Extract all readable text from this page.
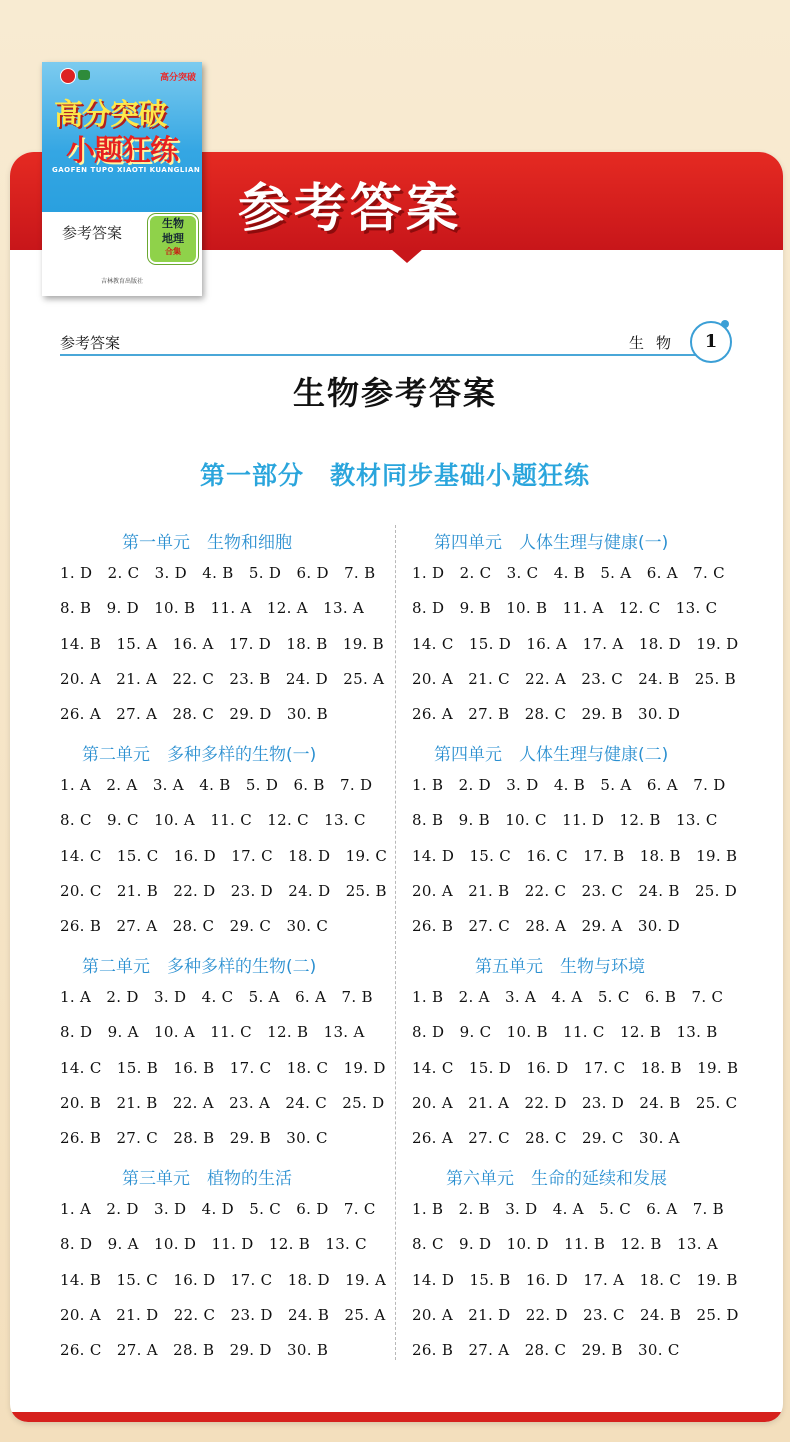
参考答案
高分突破
高分突破
小题狂练
GAOFEN TUPO XIAOTI KUANGLIAN
参考答案
生物
地理
合集
吉林教育出版社
参考答案	生物	1
生物参考答案
第一部分　教材同步基础小题狂练
第一单元　生物和细胞
1. D　2. C　3. D　4. B　5. D　6. D　7. B
8. B　9. D　10. B　11. A　12. A　13. A
14. B　15. A　16. A　17. D　18. B　19. B
20. A　21. A　22. C　23. B　24. D　25. A
26. A　27. A　28. C　29. D　30. B
第二单元　多种多样的生物(一)
1. A　2. A　3. A　4. B　5. D　6. B　7. D
8. C　9. C　10. A　11. C　12. C　13. C
14. C　15. C　16. D　17. C　18. D　19. C
20. C　21. B　22. D　23. D　24. D　25. B
26. B　27. A　28. C　29. C　30. C
第二单元　多种多样的生物(二)
1. A　2. D　3. D　4. C　5. A　6. A　7. B
8. D　9. A　10. A　11. C　12. B　13. A
14. C　15. B　16. B　17. C　18. C　19. D
20. B　21. B　22. A　23. A　24. C　25. D
26. B　27. C　28. B　29. B　30. C
第三单元　植物的生活
1. A　2. D　3. D　4. D　5. C　6. D　7. C
8. D　9. A　10. D　11. D　12. B　13. C
14. B　15. C　16. D　17. C　18. D　19. A
20. A　21. D　22. C　23. D　24. B　25. A
26. C　27. A　28. B　29. D　30. B
第四单元　人体生理与健康(一)
1. D　2. C　3. C　4. B　5. A　6. A　7. C
8. D　9. B　10. B　11. A　12. C　13. C
14. C　15. D　16. A　17. A　18. D　19. D
20. A　21. C　22. A　23. C　24. B　25. B
26. A　27. B　28. C　29. B　30. D
第四单元　人体生理与健康(二)
1. B　2. D　3. D　4. B　5. A　6. A　7. D
8. B　9. B　10. C　11. D　12. B　13. C
14. D　15. C　16. C　17. B　18. B　19. B
20. A　21. B　22. C　23. C　24. B　25. D
26. B　27. C　28. A　29. A　30. D
第五单元　生物与环境
1. B　2. A　3. A　4. A　5. C　6. B　7. C
8. D　9. C　10. B　11. C　12. B　13. B
14. C　15. D　16. D　17. C　18. B　19. B
20. A　21. A　22. D　23. D　24. B　25. C
26. A　27. C　28. C　29. C　30. A
第六单元　生命的延续和发展
1. B　2. B　3. D　4. A　5. C　6. A　7. B
8. C　9. D　10. D　11. B　12. B　13. A
14. D　15. B　16. D　17. A　18. C　19. B
20. A　21. D　22. D　23. C　24. B　25. D
26. B　27. A　28. C　29. B　30. C
